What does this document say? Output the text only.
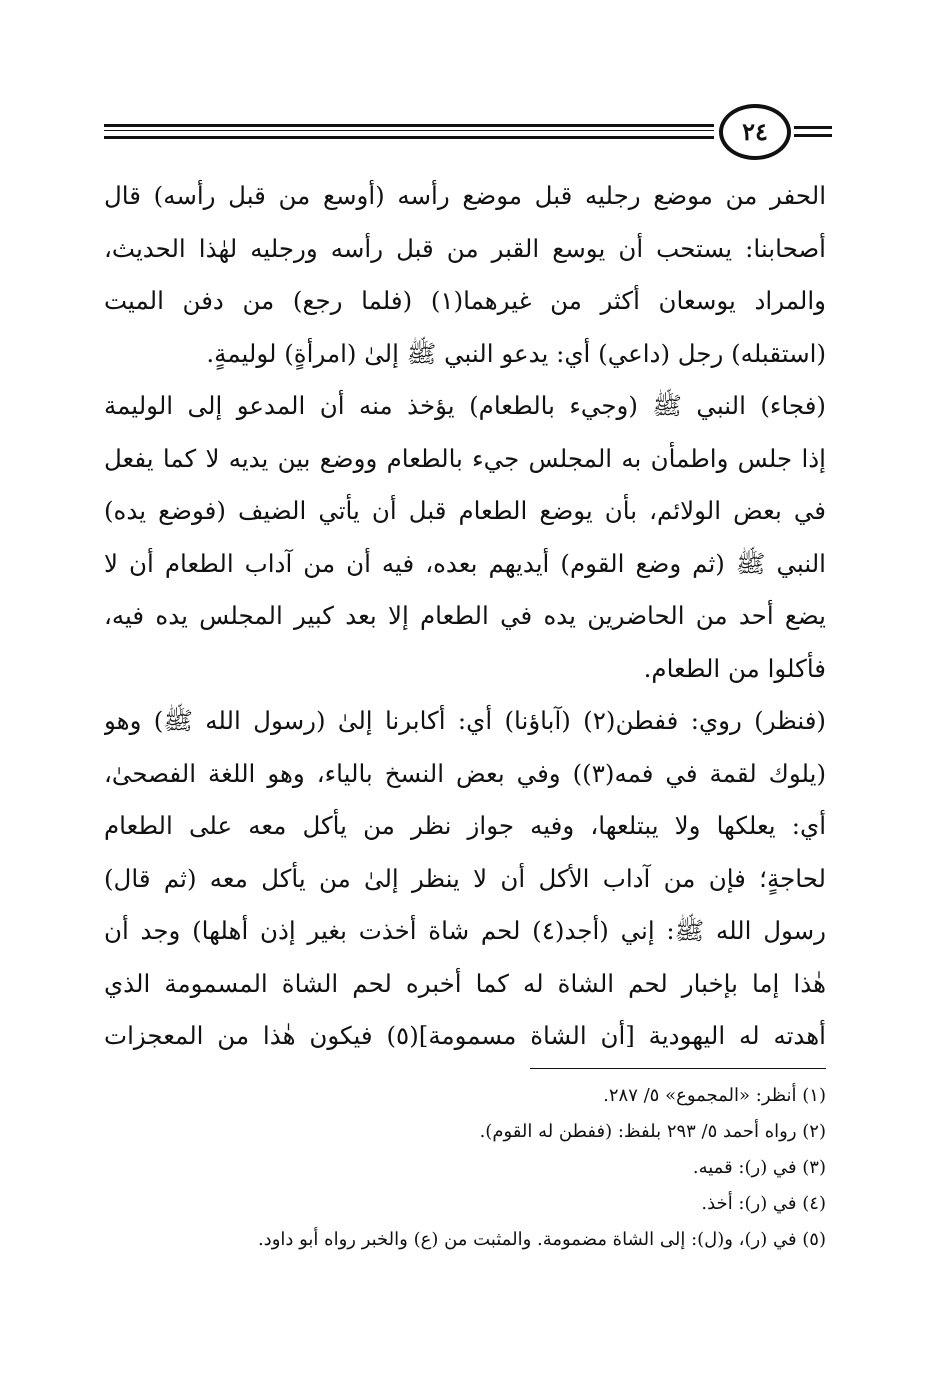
٢٤
الحفر من موضع رجليه قبل موضع رأسه (أوسع من قبل رأسه) قال
أصحابنا: يستحب أن يوسع القبر من قبل رأسه ورجليه لهٰذا الحديث،
والمراد يوسعان أكثر من غيرهما(١) (فلما رجع) من دفن الميت
(استقبله) رجل (داعي) أي: يدعو النبي ﷺ إلىٰ (امرأةٍ) لوليمةٍ.
(فجاء) النبي ﷺ (وجيء بالطعام) يؤخذ منه أن المدعو إلى الوليمة
إذا جلس واطمأن به المجلس جيء بالطعام ووضع بين يديه لا كما يفعل
في بعض الولائم، بأن يوضع الطعام قبل أن يأتي الضيف (فوضع يده)
النبي ﷺ (ثم وضع القوم) أيديهم بعده، فيه أن من آداب الطعام أن لا
يضع أحد من الحاضرين يده في الطعام إلا بعد كبير المجلس يده فيه،
فأكلوا من الطعام.
(فنظر) روي: ففطن(٢) (آباؤنا) أي: أكابرنا إلىٰ (رسول الله ﷺ) وهو
(يلوك لقمة في فمه(٣)) وفي بعض النسخ بالياء، وهو اللغة الفصحىٰ،
أي: يعلكها ولا يبتلعها، وفيه جواز نظر من يأكل معه على الطعام
لحاجةٍ؛ فإن من آداب الأكل أن لا ينظر إلىٰ من يأكل معه (ثم قال)
رسول الله ﷺ: إني (أجد(٤) لحم شاة أخذت بغير إذن أهلها) وجد أن
هٰذا إما بإخبار لحم الشاة له كما أخبره لحم الشاة المسمومة الذي
أهدته له اليهودية [أن الشاة مسمومة](٥) فيكون هٰذا من المعجزات
(١) أنظر: «المجموع» ٥/ ٢٨٧.
(٢) رواه أحمد ٥/ ٢٩٣ بلفظ: (ففطن له القوم).
(٣) في (ر): قميه.
(٤) في (ر): أخذ.
(٥) في (ر)، و(ل): إلى الشاة مضمومة. والمثبت من (ع) والخبر رواه أبو داود.
